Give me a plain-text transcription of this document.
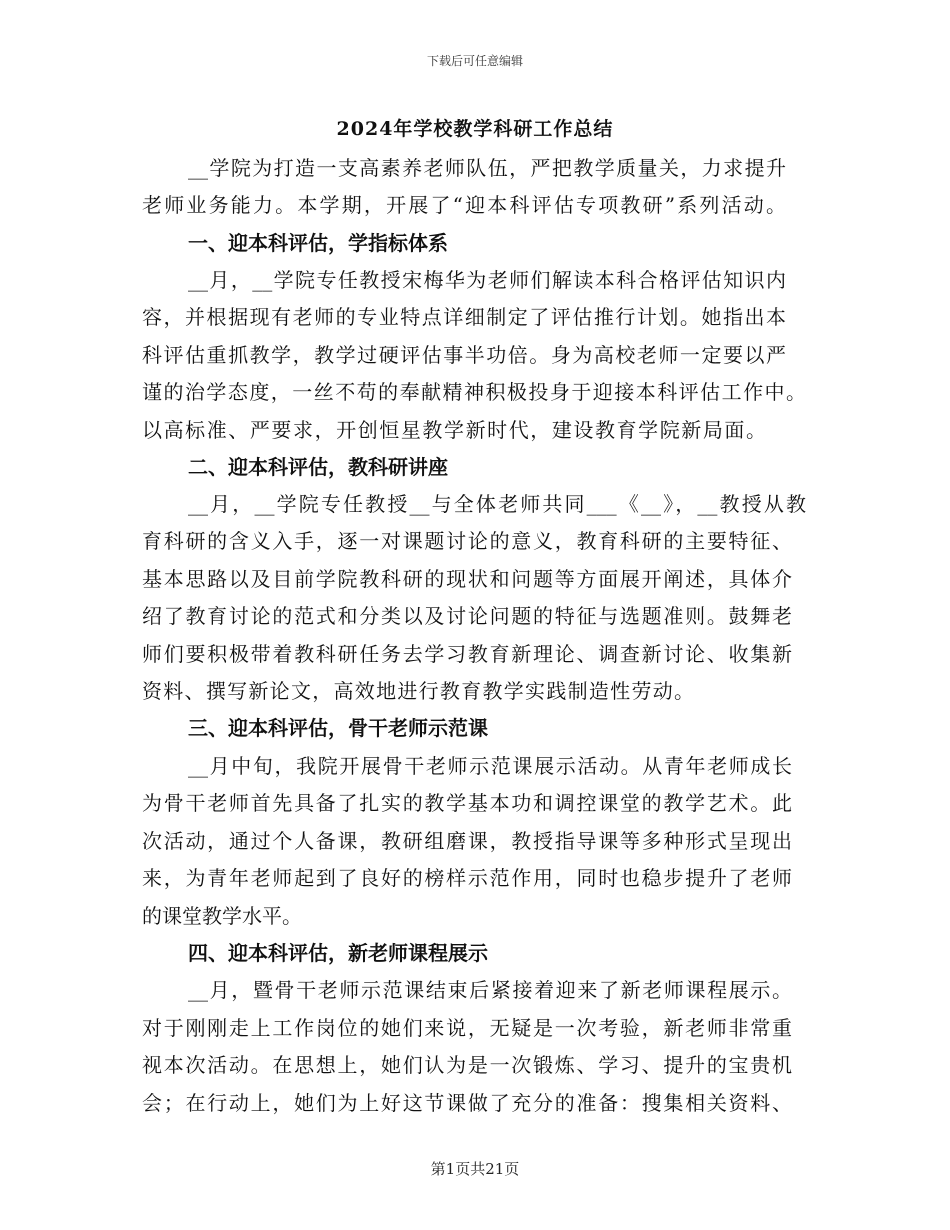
下载后可任意编辑
2024年学校教学科研工作总结
__学院为打造一支高素养老师队伍，严把教学质量关，力求提升
老师业务能力。本学期，开展了“迎本科评估专项教研”系列活动。
一、迎本科评估，学指标体系
__月，__学院专任教授宋梅华为老师们解读本科合格评估知识内
容，并根据现有老师的专业特点详细制定了评估推行计划。她指出本
科评估重抓教学，教学过硬评估事半功倍。身为高校老师一定要以严
谨的治学态度，一丝不苟的奉献精神积极投身于迎接本科评估工作中。
以高标准、严要求，开创恒星教学新时代，建设教育学院新局面。
二、迎本科评估，教科研讲座
__月，__学院专任教授__与全体老师共同___《__》，__教授从教
育科研的含义入手，逐一对课题讨论的意义，教育科研的主要特征、
基本思路以及目前学院教科研的现状和问题等方面展开阐述，具体介
绍了教育讨论的范式和分类以及讨论问题的特征与选题准则。鼓舞老
师们要积极带着教科研任务去学习教育新理论、调查新讨论、收集新
资料、撰写新论文，高效地进行教育教学实践制造性劳动。
三、迎本科评估，骨干老师示范课
__月中旬，我院开展骨干老师示范课展示活动。从青年老师成长
为骨干老师首先具备了扎实的教学基本功和调控课堂的教学艺术。此
次活动，通过个人备课，教研组磨课，教授指导课等多种形式呈现出
来，为青年老师起到了良好的榜样示范作用，同时也稳步提升了老师
的课堂教学水平。
四、迎本科评估，新老师课程展示
__月，暨骨干老师示范课结束后紧接着迎来了新老师课程展示。
对于刚刚走上工作岗位的她们来说，无疑是一次考验，新老师非常重
视本次活动。在思想上，她们认为是一次锻炼、学习、提升的宝贵机
会；在行动上，她们为上好这节课做了充分的准备：搜集相关资料、
第1页共21页
